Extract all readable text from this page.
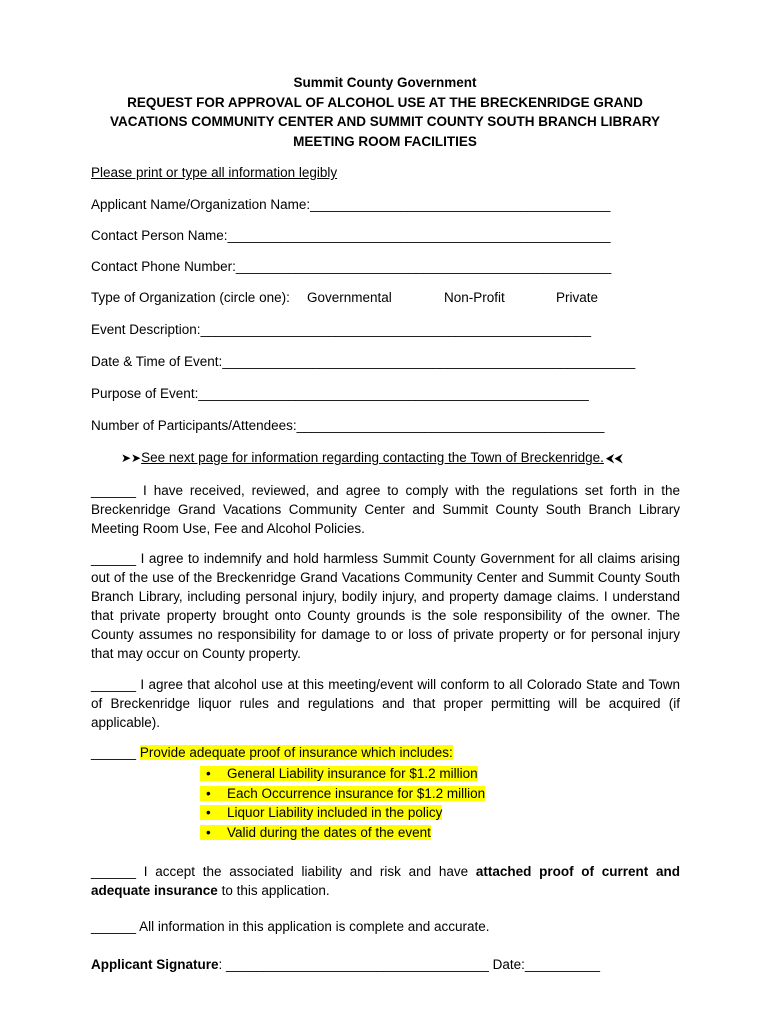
Summit County Government
REQUEST FOR APPROVAL OF ALCOHOL USE AT THE BRECKENRIDGE GRAND
VACATIONS COMMUNITY CENTER AND SUMMIT COUNTY SOUTH BRANCH LIBRARY
MEETING ROOM FACILITIES
Please print or type all information legibly
Applicant Name/Organization Name:________________________________________
Contact Person Name:___________________________________________________
Contact Phone Number:__________________________________________________
Type of Organization (circle one): Governmental	Non-Profit	Private
Event Description:____________________________________________________
Date & Time of Event:_______________________________________________________
Purpose of Event:____________________________________________________
Number of Participants/Attendees:_________________________________________
➤➤See next page for information regarding contacting the Town of Breckenridge. ⮜⮜
______ I have received, reviewed, and agree to comply with the regulations set forth in the Breckenridge Grand Vacations Community Center and Summit County South Branch Library Meeting Room Use, Fee and Alcohol Policies.
______ I agree to indemnify and hold harmless Summit County Government for all claims arising out of the use of the Breckenridge Grand Vacations Community Center and Summit County South Branch Library, including personal injury, bodily injury, and property damage claims. I understand that private property brought onto County grounds is the sole responsibility of the owner. The County assumes no responsibility for damage to or loss of private property or for personal injury that may occur on County property.
______ I agree that alcohol use at this meeting/event will conform to all Colorado State and Town of Breckenridge liquor rules and regulations and that proper permitting will be acquired (if applicable).
______ Provide adequate proof of insurance which includes:
• General Liability insurance for $1.2 million
• Each Occurrence insurance for $1.2 million
• Liquor Liability included in the policy
• Valid during the dates of the event
______ I accept the associated liability and risk and have attached proof of current and adequate insurance to this application.
______ All information in this application is complete and accurate.
Applicant Signature: ___________________________________ Date:__________
